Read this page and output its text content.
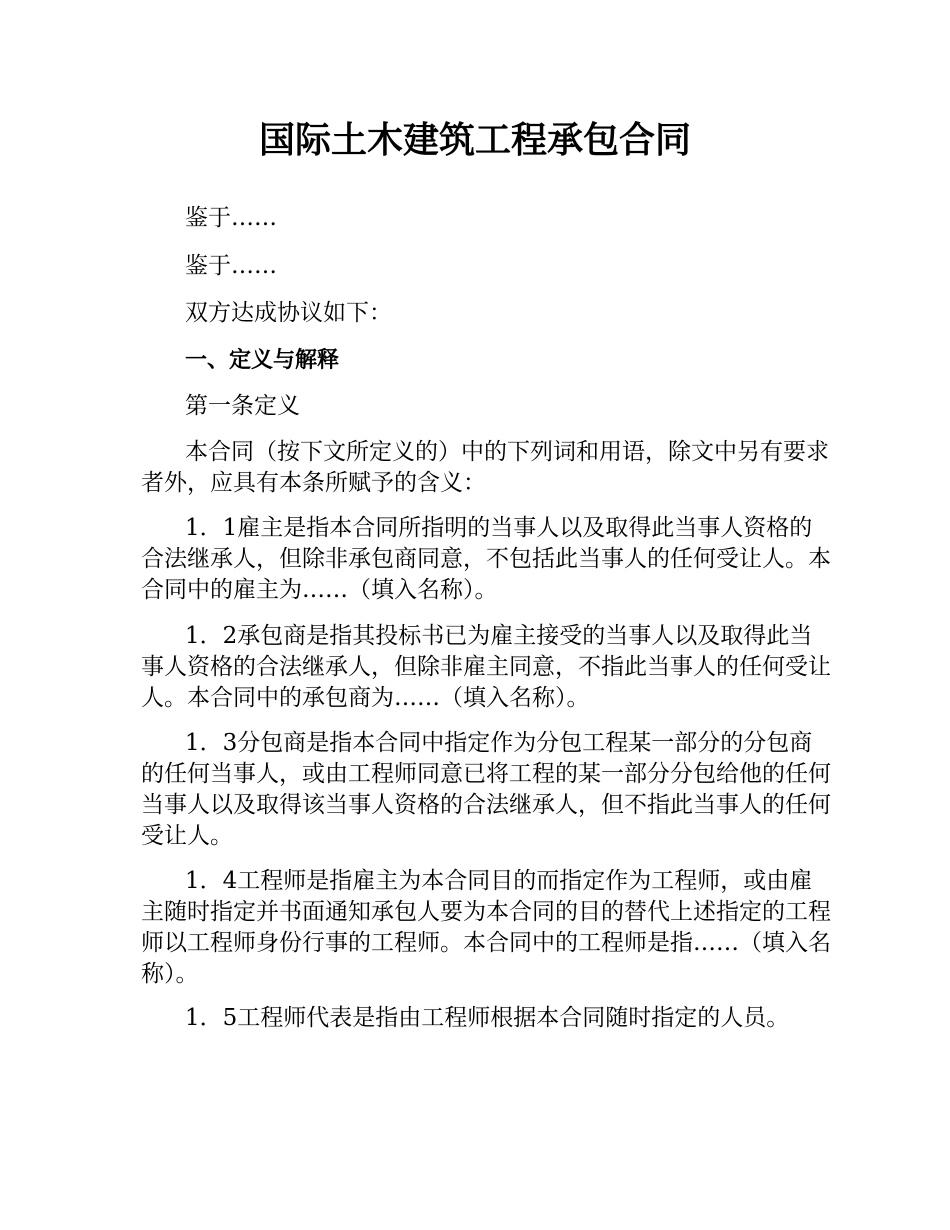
国际土木建筑工程承包合同

鉴于……

鉴于……

双方达成协议如下：

一、定义与解释

第一条定义

本合同（按下文所定义的）中的下列词和用语，除文中另有要求者外，应具有本条所赋予的含义：

1．1雇主是指本合同所指明的当事人以及取得此当事人资格的合法继承人，但除非承包商同意，不包括此当事人的任何受让人。本合同中的雇主为……（填入名称）。

1．2承包商是指其投标书已为雇主接受的当事人以及取得此当事人资格的合法继承人，但除非雇主同意，不指此当事人的任何受让人。本合同中的承包商为……（填入名称）。

1．3分包商是指本合同中指定作为分包工程某一部分的分包商的任何当事人，或由工程师同意已将工程的某一部分分包给他的任何当事人以及取得该当事人资格的合法继承人，但不指此当事人的任何受让人。

1．4工程师是指雇主为本合同目的而指定作为工程师，或由雇主随时指定并书面通知承包人要为本合同的目的替代上述指定的工程师以工程师身份行事的工程师。本合同中的工程师是指……（填入名称）。

1．5工程师代表是指由工程师根据本合同随时指定的人员。
